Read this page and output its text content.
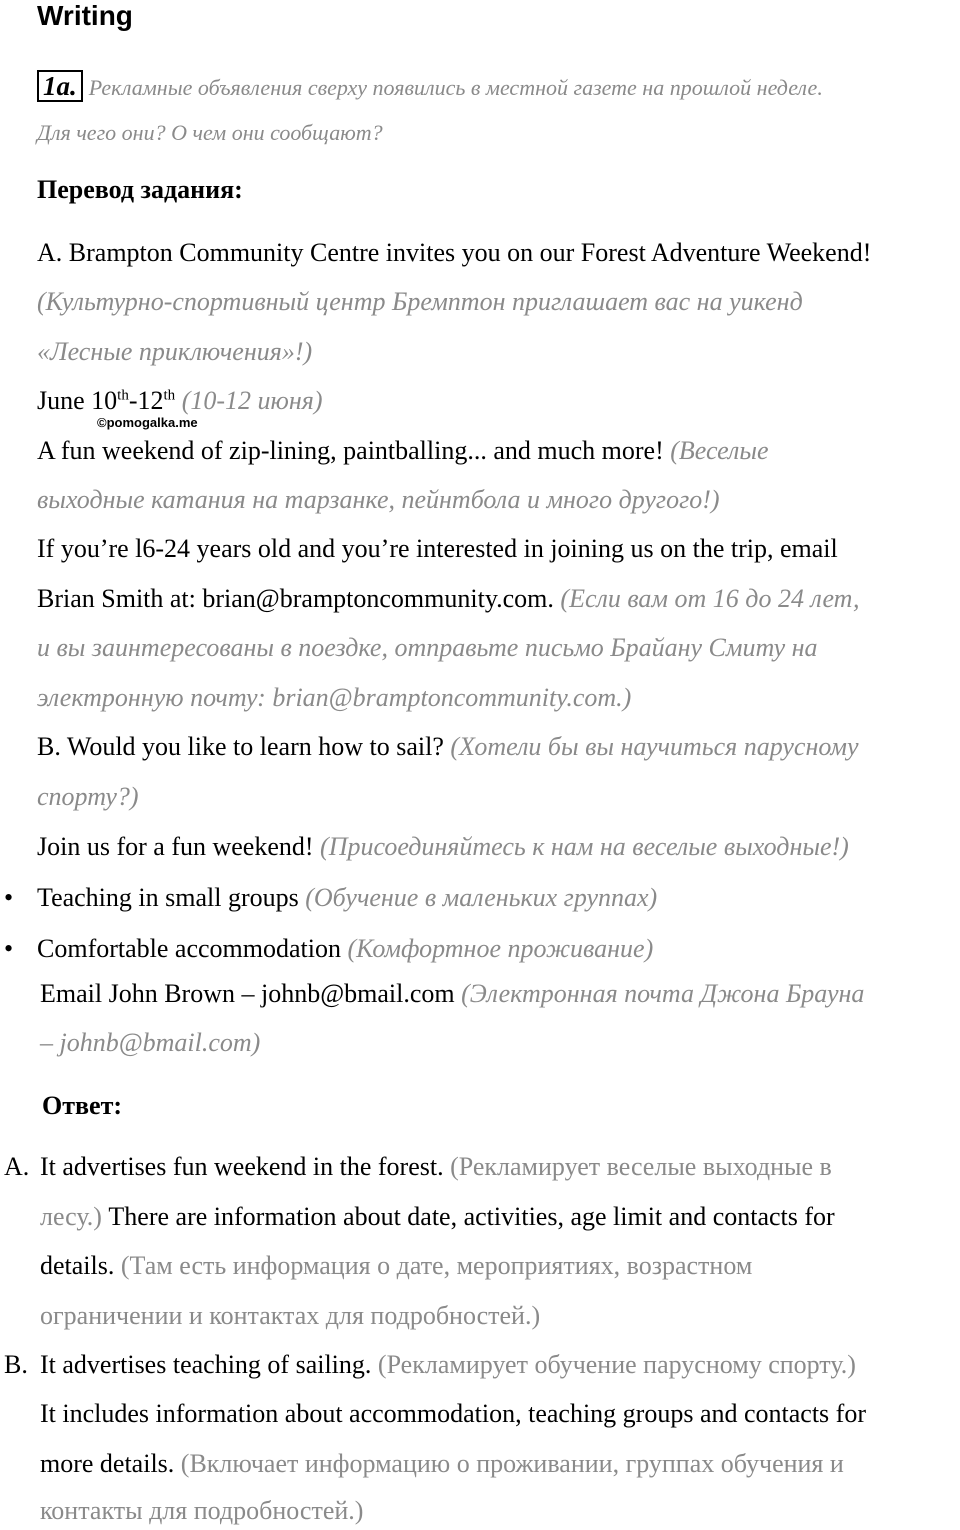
Writing
1a. Рекламные объявления сверху появились в местной газете на прошлой неделе.
Для чего они? О чем они сообщают?
Перевод задания:
A. Brampton Community Centre invites you on our Forest Adventure Weekend!
(Культурно-спортивный центр Бремптон приглашает вас на уикенд
«Лесные приключения»!)
June 10th-12th (10-12 июня)
©pomogalka.me
A fun weekend of zip-lining, paintballing... and much more! (Веселые
выходные катания на тарзанке, пейнтбола и много другого!)
If you’re l6-24 years old and you’re interested in joining us on the trip, email
Brian Smith at: brian@bramptoncommunity.com. (Если вам от 16 до 24 лет,
и вы заинтересованы в поездке, отправьте письмо Брайану Смиту на
электронную почту: brian@bramptoncommunity.com.)
B. Would you like to learn how to sail? (Хотели бы вы научиться парусному
спорту?)
Join us for a fun weekend! (Присоединяйтесь к нам на веселые выходные!)
• Teaching in small groups (Обучение в маленьких группах)
• Comfortable accommodation (Комфортное проживание)
Email John Brown – johnb@bmail.com (Электронная почта Джона Брауна
– johnb@bmail.com)
Ответ:
A. It advertises fun weekend in the forest. (Рекламирует веселые выходные в
лесу.) There are information about date, activities, age limit and contacts for
details. (Там есть информация о дате, мероприятиях, возрастном
ограничении и контактах для подробностей.)
B. It advertises teaching of sailing. (Рекламирует обучение парусному спорту.)
It includes information about accommodation, teaching groups and contacts for
more details. (Включает информацию о проживании, группах обучения и
контакты для подробностей.)
